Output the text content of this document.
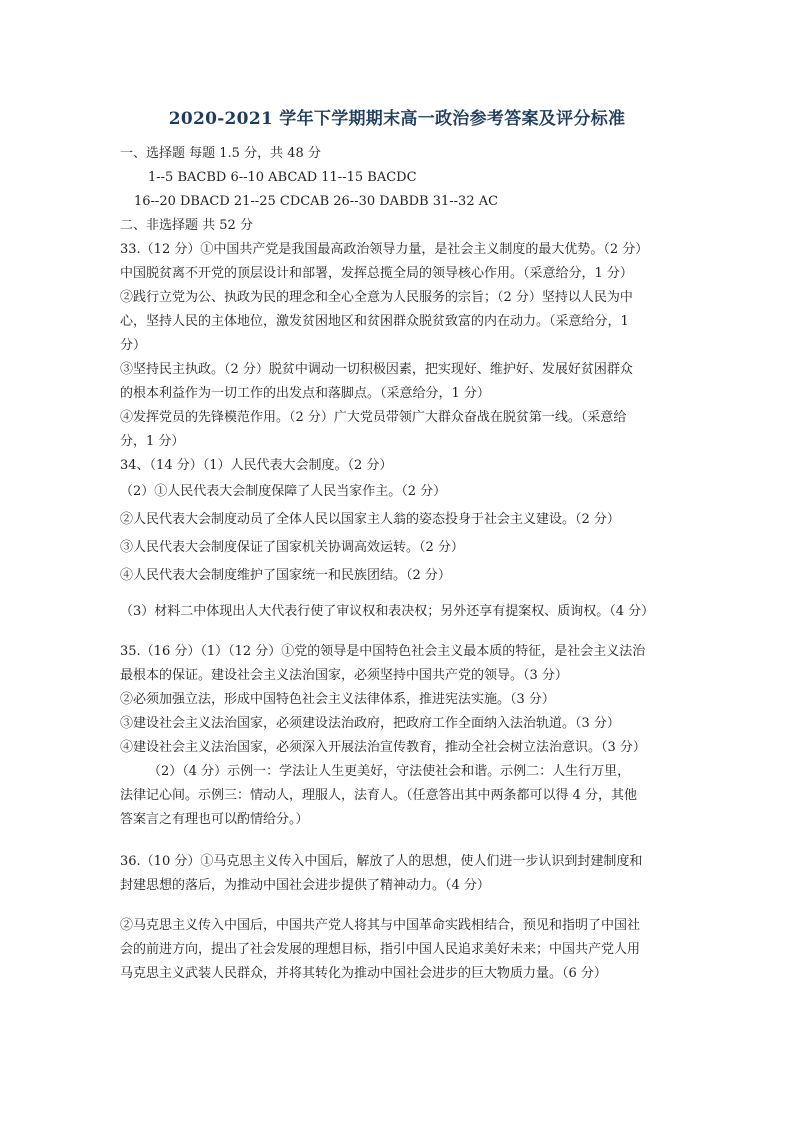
2020-2021 学年下学期期末高一政治参考答案及评分标准
一、选择题 每题 1.5 分，共 48 分
1--5 BACBD 6--10 ABCAD 11--15 BACDC
16--20 DBACD 21--25 CDCAB 26--30 DABDB 31--32 AC
二、非选择题 共 52 分
33.（12 分）①中国共产党是我国最高政治领导力量，是社会主义制度的最大优势。（2 分）
中国脱贫离不开党的顶层设计和部署，发挥总揽全局的领导核心作用。（采意给分，1 分）
②践行立党为公、执政为民的理念和全心全意为人民服务的宗旨；（2 分）坚持以人民为中
心，坚持人民的主体地位，激发贫困地区和贫困群众脱贫致富的内在动力。（采意给分，1
分）
③坚持民主执政。（2 分）脱贫中调动一切积极因素，把实现好、维护好、发展好贫困群众
的根本利益作为一切工作的出发点和落脚点。（采意给分，1 分）
④发挥党员的先锋模范作用。（2 分）广大党员带领广大群众奋战在脱贫第一线。（采意给
分，1 分）
34、（14 分）（1）人民代表大会制度。（2 分）
（2）①人民代表大会制度保障了人民当家作主。（2 分）
②人民代表大会制度动员了全体人民以国家主人翁的姿态投身于社会主义建设。（2 分）
③人民代表大会制度保证了国家机关协调高效运转。（2 分）
④人民代表大会制度维护了国家统一和民族团结。（2 分）
（3）材料二中体现出人大代表行使了审议权和表决权；另外还享有提案权、质询权。（4 分）
35.（16 分）（1）（12 分）①党的领导是中国特色社会主义最本质的特征，是社会主义法治
最根本的保证。建设社会主义法治国家，必须坚持中国共产党的领导。（3 分）
②必须加强立法，形成中国特色社会主义法律体系，推进宪法实施。（3 分）
③建设社会主义法治国家，必须建设法治政府，把政府工作全面纳入法治轨道。（3 分）
④建设社会主义法治国家，必须深入开展法治宣传教育，推动全社会树立法治意识。（3 分）
（2）（4 分）示例一：学法让人生更美好，守法使社会和谐。示例二：人生行万里，
法律记心间。示例三：情动人，理服人，法育人。（任意答出其中两条都可以得 4 分，其他
答案言之有理也可以酌情给分。）
36.（10 分）①马克思主义传入中国后，解放了人的思想，使人们进一步认识到封建制度和
封建思想的落后，为推动中国社会进步提供了精神动力。（4 分）
②马克思主义传入中国后，中国共产党人将其与中国革命实践相结合，预见和指明了中国社
会的前进方向，提出了社会发展的理想目标，指引中国人民追求美好未来；中国共产党人用
马克思主义武装人民群众，并将其转化为推动中国社会进步的巨大物质力量。（6 分）
